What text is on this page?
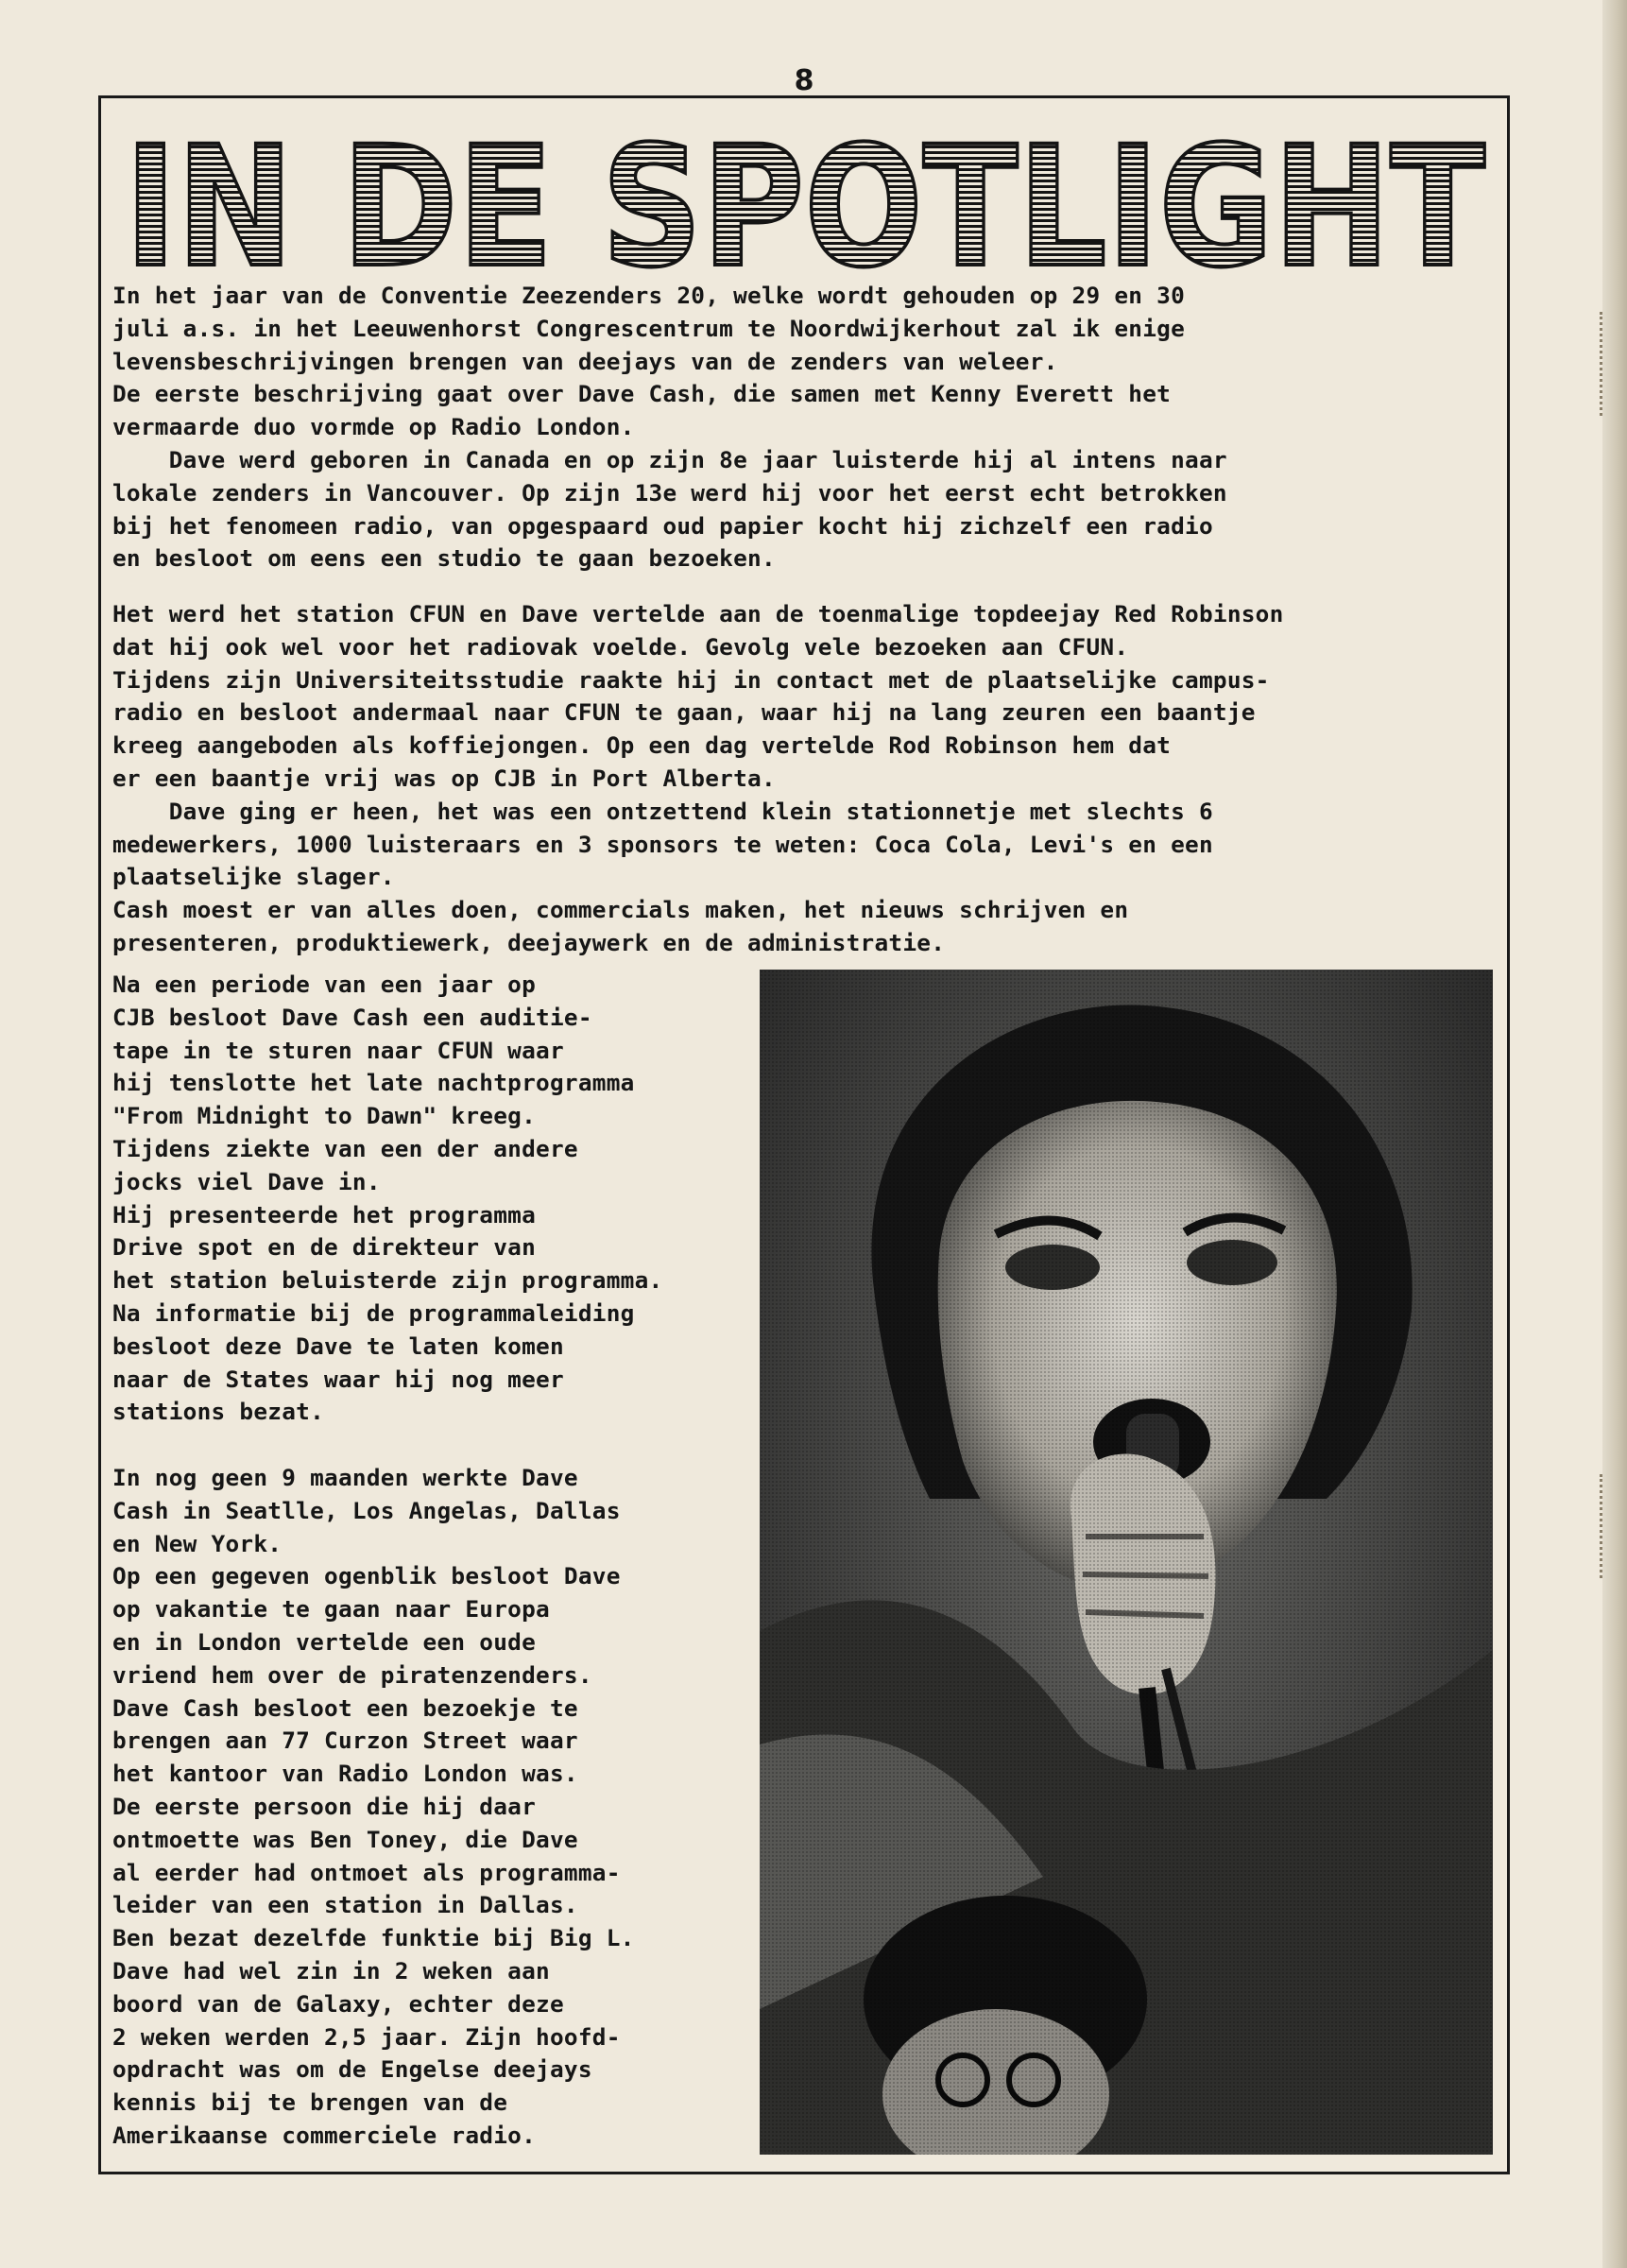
8
IN DE SPOTLIGHT
In het jaar van de Conventie Zeezenders 20, welke wordt gehouden op 29 en 30
juli a.s. in het Leeuwenhorst Congrescentrum te Noordwijkerhout zal ik enige
levensbeschrijvingen brengen van deejays van de zenders van weleer.
De eerste beschrijving gaat over Dave Cash, die samen met Kenny Everett het
vermaarde duo vormde op Radio London.
Dave werd geboren in Canada en op zijn 8e jaar luisterde hij al intens naar
lokale zenders in Vancouver. Op zijn 13e werd hij voor het eerst echt betrokken
bij het fenomeen radio, van opgespaard oud papier kocht hij zichzelf een radio
en besloot om eens een studio te gaan bezoeken.
Het werd het station CFUN en Dave vertelde aan de toenmalige topdeejay Red Robinson
dat hij ook wel voor het radiovak voelde. Gevolg vele bezoeken aan CFUN.
Tijdens zijn Universiteitsstudie raakte hij in contact met de plaatselijke campus-
radio en besloot andermaal naar CFUN te gaan, waar hij na lang zeuren een baantje
kreeg aangeboden als koffiejongen. Op een dag vertelde Rod Robinson hem dat
er een baantje vrij was op CJB in Port Alberta.
Dave ging er heen, het was een ontzettend klein stationnetje met slechts 6
medewerkers, 1000 luisteraars en 3 sponsors te weten: Coca Cola, Levi's en een
plaatselijke slager.
Cash moest er van alles doen, commercials maken, het nieuws schrijven en
presenteren, produktiewerk, deejaywerk en de administratie.
Na een periode van een jaar op
CJB besloot Dave Cash een auditie-
tape in te sturen naar CFUN waar
hij tenslotte het late nachtprogramma
"From Midnight to Dawn" kreeg.
Tijdens ziekte van een der andere
jocks viel Dave in.
Hij presenteerde het programma
Drive spot en de direkteur van
het station beluisterde zijn programma.
Na informatie bij de programmaleiding
besloot deze Dave te laten komen
naar de States waar hij nog meer
stations bezat.

In nog geen 9 maanden werkte Dave
Cash in Seatlle, Los Angelas, Dallas
en New York.
Op een gegeven ogenblik besloot Dave
op vakantie te gaan naar Europa
en in London vertelde een oude
vriend hem over de piratenzenders.
Dave Cash besloot een bezoekje te
brengen aan 77 Curzon Street waar
het kantoor van Radio London was.
De eerste persoon die hij daar
ontmoette was Ben Toney, die Dave
al eerder had ontmoet als programma-
leider van een station in Dallas.
Ben bezat dezelfde funktie bij Big L.
Dave had wel zin in 2 weken aan
boord van de Galaxy, echter deze
2 weken werden 2,5 jaar. Zijn hoofd-
opdracht was om de Engelse deejays
kennis bij te brengen van de
Amerikaanse commerciele radio.
